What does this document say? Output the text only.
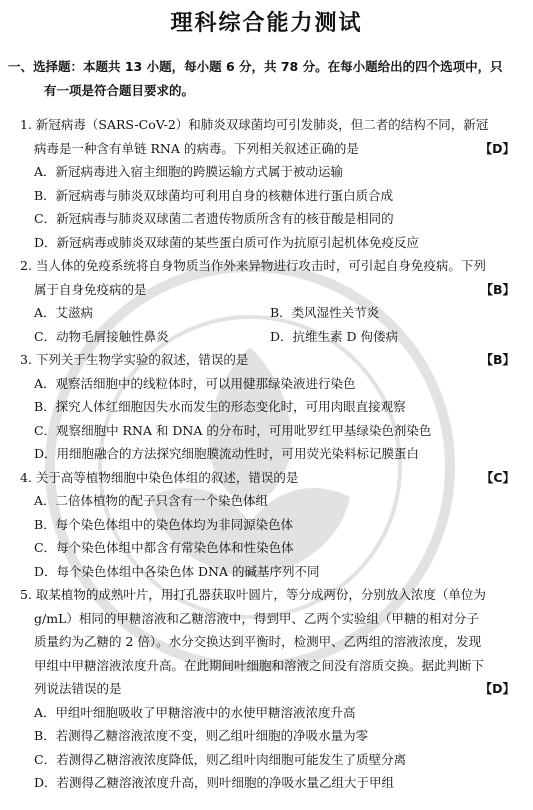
理科综合能力测试
一、选择题：本题共 13 小题，每小题 6 分，共 78 分。在每小题给出的四个选项中，只
有一项是符合题目要求的。
1. 新冠病毒（SARS-CoV-2）和肺炎双球菌均可引发肺炎，但二者的结构不同，新冠
病毒是一种含有单链 RNA 的病毒。下列相关叙述正确的是	【D】
A．新冠病毒进入宿主细胞的跨膜运输方式属于被动运输
B．新冠病毒与肺炎双球菌均可利用自身的核糖体进行蛋白质合成
C．新冠病毒与肺炎双球菌二者遗传物质所含有的核苷酸是相同的
D．新冠病毒或肺炎双球菌的某些蛋白质可作为抗原引起机体免疫反应
2. 当人体的免疫系统将自身物质当作外来异物进行攻击时，可引起自身免疫病。下列
属于自身免疫病的是	【B】
A．艾滋病	B．类风湿性关节炎
C．动物毛屑接触性鼻炎	D．抗维生素 D 佝偻病
3. 下列关于生物学实验的叙述，错误的是	【B】
A．观察活细胞中的线粒体时，可以用健那绿染液进行染色
B．探究人体红细胞因失水而发生的形态变化时，可用肉眼直接观察
C．观察细胞中 RNA 和 DNA 的分布时，可用吡罗红甲基绿染色剂染色
D．用细胞融合的方法探究细胞膜流动性时，可用荧光染料标记膜蛋白
4. 关于高等植物细胞中染色体组的叙述，错误的是	【C】
A．二倍体植物的配子只含有一个染色体组
B．每个染色体组中的染色体均为非同源染色体
C．每个染色体组中都含有常染色体和性染色体
D．每个染色体组中各染色体 DNA 的碱基序列不同
5. 取某植物的成熟叶片，用打孔器获取叶圆片，等分成两份，分别放入浓度（单位为
g/mL）相同的甲糖溶液和乙糖溶液中，得到甲、乙两个实验组（甲糖的相对分子
质量约为乙糖的 2 倍）。水分交换达到平衡时，检测甲、乙两组的溶液浓度，发现
甲组中甲糖溶液浓度升高。在此期间叶细胞和溶液之间没有溶质交换。据此判断下
列说法错误的是	【D】
A．甲组叶细胞吸收了甲糖溶液中的水使甲糖溶液浓度升高
B．若测得乙糖溶液浓度不变，则乙组叶细胞的净吸水量为零
C．若测得乙糖溶液浓度降低，则乙组叶肉细胞可能发生了质壁分离
D．若测得乙糖溶液浓度升高，则叶细胞的净吸水量乙组大于甲组
